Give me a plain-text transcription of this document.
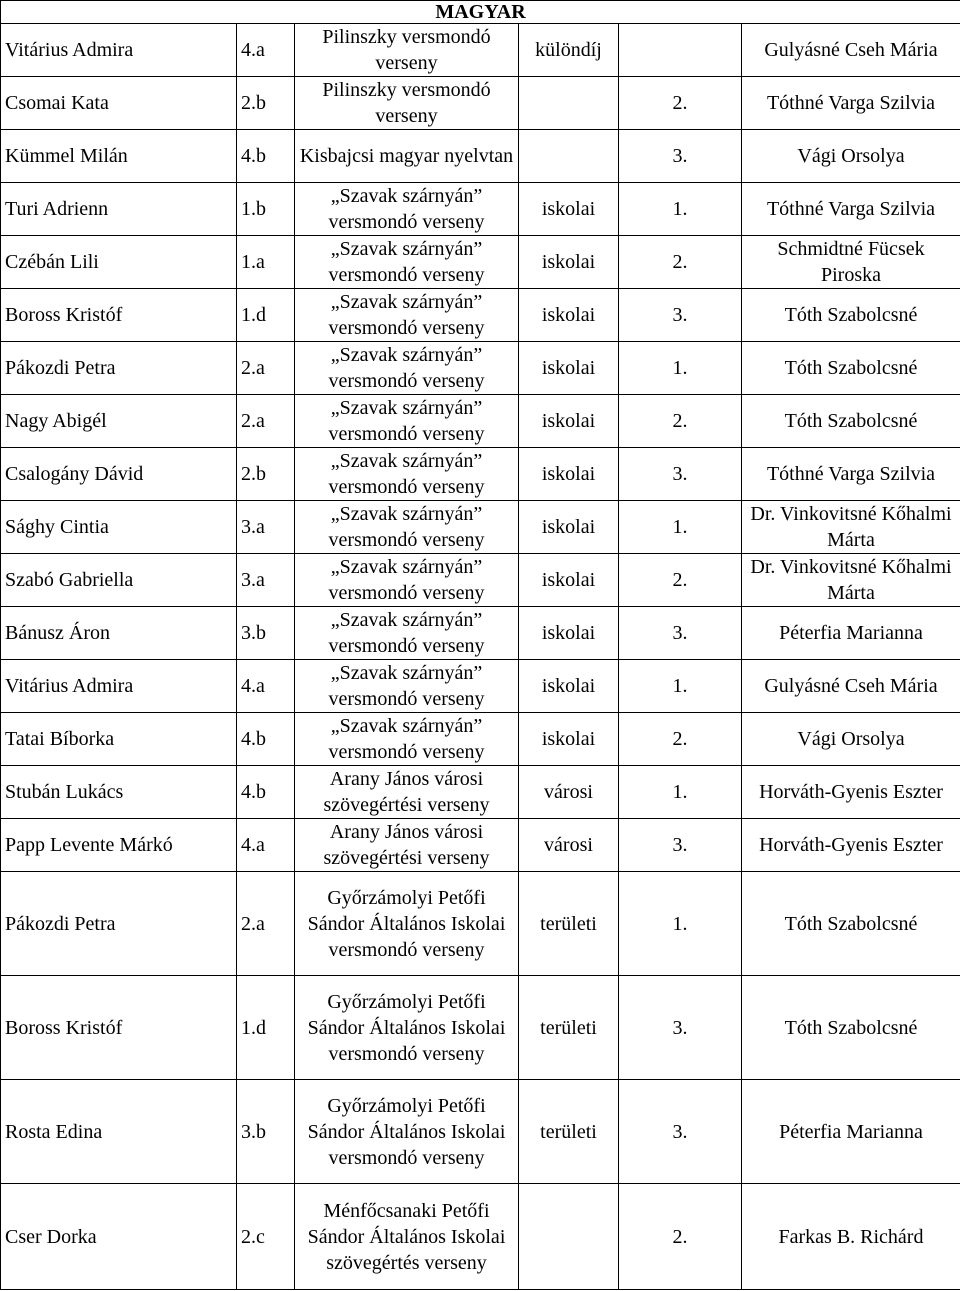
MAGYAR					
Vitárius Admira	4.a	Pilinszky versmondó verseny	különdíj		Gulyásné Cseh Mária
Csomai Kata	2.b	Pilinszky versmondó verseny		2.	Tóthné Varga Szilvia
Kümmel Milán	4.b	Kisbajcsi magyar nyelvtan		3.	Vági Orsolya
Turi Adrienn	1.b	„Szavak szárnyán” versmondó verseny	iskolai	1.	Tóthné Varga Szilvia
Czébán Lili	1.a	„Szavak szárnyán” versmondó verseny	iskolai	2.	Schmidtné Fücsek Piroska
Boross Kristóf	1.d	„Szavak szárnyán” versmondó verseny	iskolai	3.	Tóth Szabolcsné
Pákozdi Petra	2.a	„Szavak szárnyán” versmondó verseny	iskolai	1.	Tóth Szabolcsné
Nagy Abigél	2.a	„Szavak szárnyán” versmondó verseny	iskolai	2.	Tóth Szabolcsné
Csalogány Dávid	2.b	„Szavak szárnyán” versmondó verseny	iskolai	3.	Tóthné Varga Szilvia
Sághy Cintia	3.a	„Szavak szárnyán” versmondó verseny	iskolai	1.	Dr. Vinkovitsné Kőhalmi Márta
Szabó Gabriella	3.a	„Szavak szárnyán” versmondó verseny	iskolai	2.	Dr. Vinkovitsné Kőhalmi Márta
Bánusz Áron	3.b	„Szavak szárnyán” versmondó verseny	iskolai	3.	Péterfia Marianna
Vitárius Admira	4.a	„Szavak szárnyán” versmondó verseny	iskolai	1.	Gulyásné Cseh Mária
Tatai Bíborka	4.b	„Szavak szárnyán” versmondó verseny	iskolai	2.	Vági Orsolya
Stubán Lukács	4.b	Arany János városi szövegértési verseny	városi	1.	Horváth-Gyenis Eszter
Papp Levente Márkó	4.a	Arany János városi szövegértési verseny	városi	3.	Horváth-Gyenis Eszter
Pákozdi Petra	2.a	Győrzámolyi Petőfi Sándor Általános Iskolai versmondó verseny	területi	1.	Tóth Szabolcsné
Boross Kristóf	1.d	Győrzámolyi Petőfi Sándor Általános Iskolai versmondó verseny	területi	3.	Tóth Szabolcsné
Rosta Edina	3.b	Győrzámolyi Petőfi Sándor Általános Iskolai versmondó verseny	területi	3.	Péterfia Marianna
Cser Dorka	2.c	Ménfőcsanaki Petőfi Sándor Általános Iskolai szövegértés verseny		2.	Farkas B. Richárd
